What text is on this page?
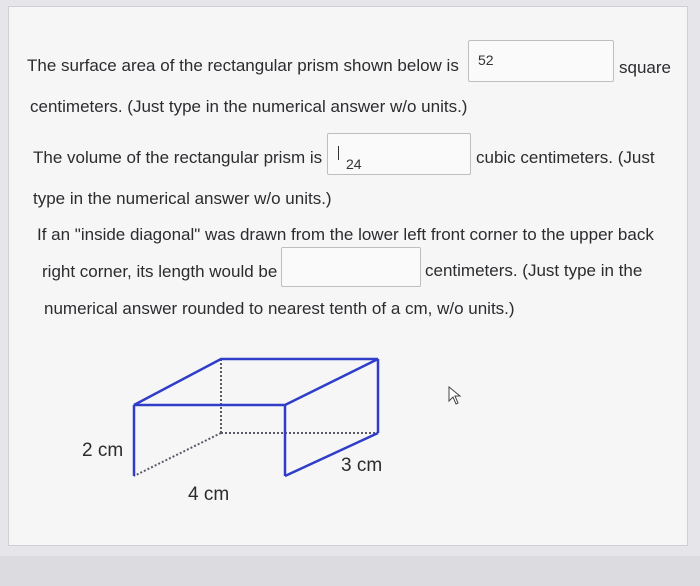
The surface area of the rectangular prism shown below is 52	square
centimeters. (Just type in the numerical answer w/o units.)
The volume of the rectangular prism is 24	cubic centimeters. (Just
type in the numerical answer w/o units.)
If an "inside diagonal" was drawn from the lower left front corner to the upper back
right corner, its length would be	centimeters. (Just type in the
numerical answer rounded to nearest tenth of a cm, w/o units.)
2 cm
3 cm
4 cm
